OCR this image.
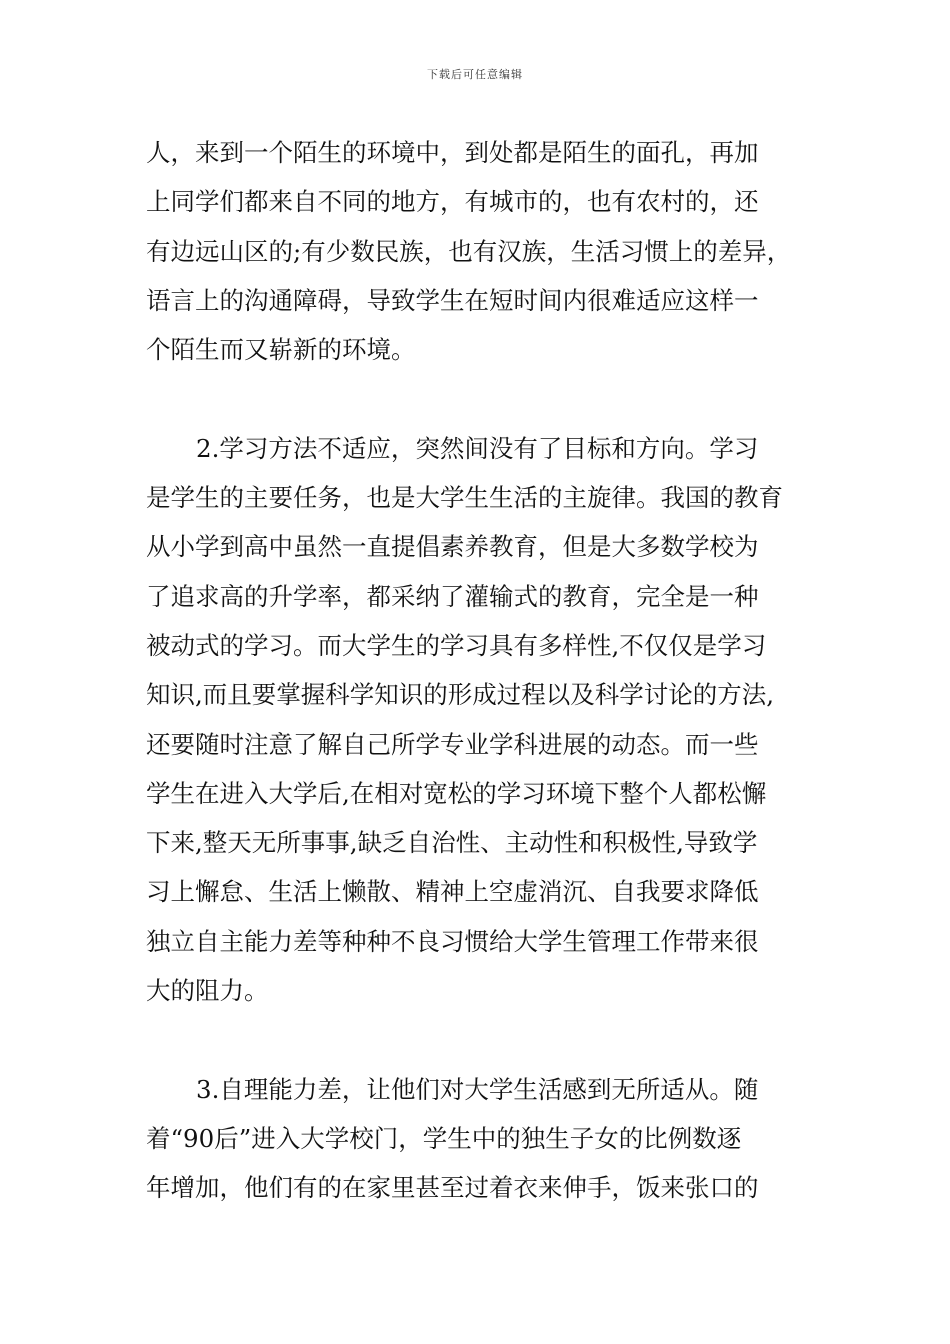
下载后可任意编辑
人，来到一个陌生的环境中，到处都是陌生的面孔，再加
上同学们都来自不同的地方，有城市的，也有农村的，还
有边远山区的;有少数民族，也有汉族，生活习惯上的差异，
语言上的沟通障碍，导致学生在短时间内很难适应这样一
个陌生而又崭新的环境。
2.学习方法不适应，突然间没有了目标和方向。学习
是学生的主要任务，也是大学生生活的主旋律。我国的教育
从小学到高中虽然一直提倡素养教育，但是大多数学校为
了追求高的升学率，都采纳了灌输式的教育，完全是一种
被动式的学习。而大学生的学习具有多样性,不仅仅是学习
知识,而且要掌握科学知识的形成过程以及科学讨论的方法,
还要随时注意了解自己所学专业学科进展的动态。而一些
学生在进入大学后,在相对宽松的学习环境下整个人都松懈
下来,整天无所事事,缺乏自治性、主动性和积极性,导致学
习上懈怠、生活上懒散、精神上空虚消沉、自我要求降低
独立自主能力差等种种不良习惯给大学生管理工作带来很
大的阻力。
3.自理能力差，让他们对大学生活感到无所适从。随
着“90后”进入大学校门，学生中的独生子女的比例数逐
年增加，他们有的在家里甚至过着衣来伸手，饭来张口的
